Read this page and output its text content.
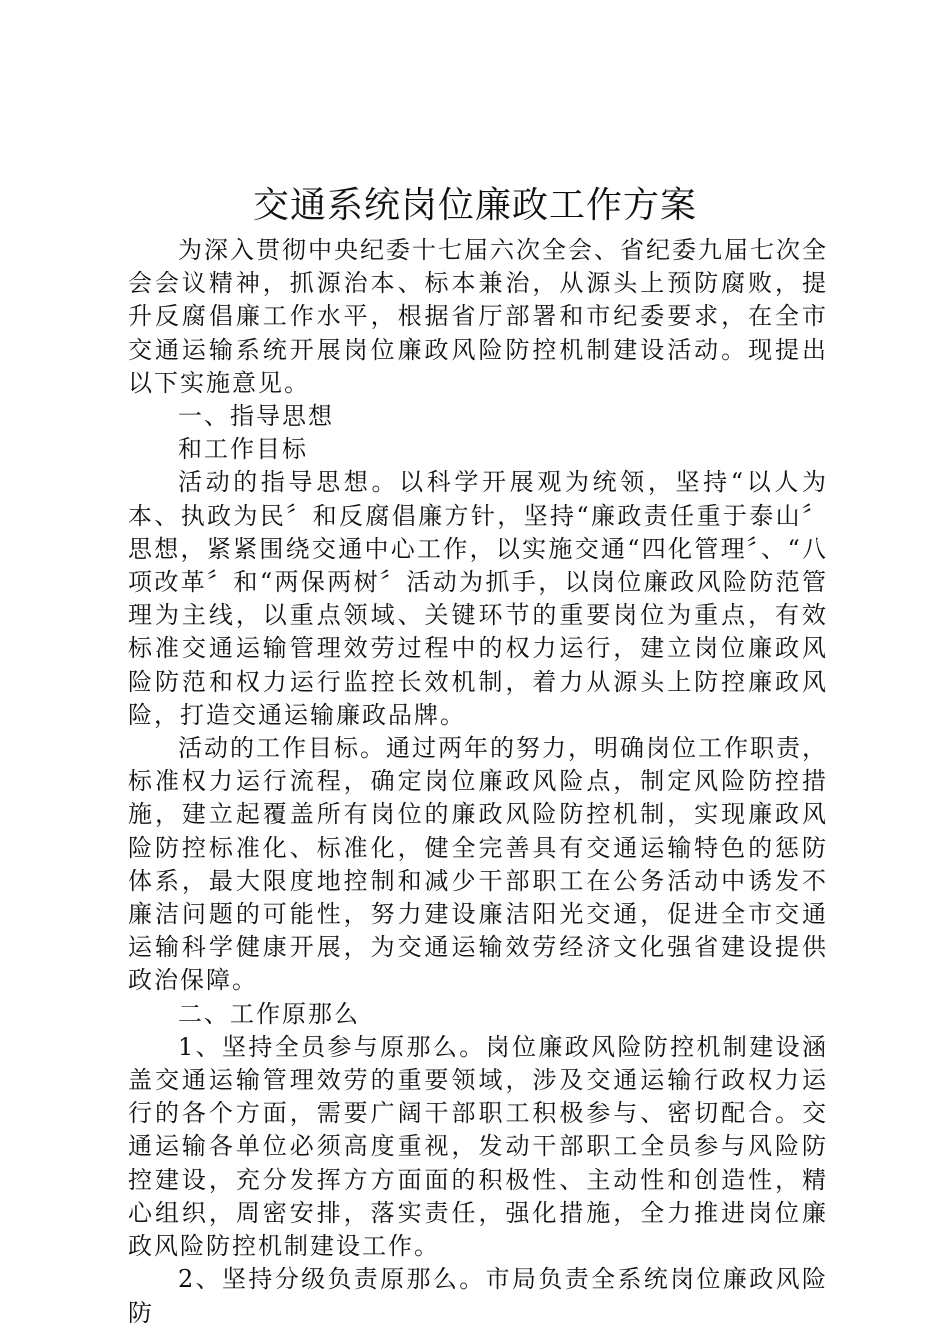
交通系统岗位廉政工作方案

为深入贯彻中央纪委十七届六次全会、省纪委九届七次全会会议精神，抓源治本、标本兼治，从源头上预防腐败，提升反腐倡廉工作水平，根据省厅部署和市纪委要求，在全市交通运输系统开展岗位廉政风险防控机制建设活动。现提出以下实施意见。

一、指导思想

和工作目标

活动的指导思想。以科学开展观为统领，坚持“以人为本、执政为民〞和反腐倡廉方针，坚持“廉政责任重于泰山〞思想，紧紧围绕交通中心工作，以实施交通“四化管理〞、“八项改革〞和“两保两树〞活动为抓手，以岗位廉政风险防范管理为主线，以重点领域、关键环节的重要岗位为重点，有效标准交通运输管理效劳过程中的权力运行，建立岗位廉政风险防范和权力运行监控长效机制，着力从源头上防控廉政风险，打造交通运输廉政品牌。

活动的工作目标。通过两年的努力，明确岗位工作职责，标准权力运行流程，确定岗位廉政风险点，制定风险防控措施，建立起覆盖所有岗位的廉政风险防控机制，实现廉政风险防控标准化、标准化，健全完善具有交通运输特色的惩防体系，最大限度地控制和减少干部职工在公务活动中诱发不廉洁问题的可能性，努力建设廉洁阳光交通，促进全市交通运输科学健康开展，为交通运输效劳经济文化强省建设提供政治保障。

二、工作原那么

1、坚持全员参与原那么。岗位廉政风险防控机制建设涵盖交通运输管理效劳的重要领域，涉及交通运输行政权力运行的各个方面，需要广阔干部职工积极参与、密切配合。交通运输各单位必须高度重视，发动干部职工全员参与风险防控建设，充分发挥方方面面的积极性、主动性和创造性，精心组织，周密安排，落实责任，强化措施，全力推进岗位廉政风险防控机制建设工作。

2、坚持分级负责原那么。市局负责全系统岗位廉政风险防
